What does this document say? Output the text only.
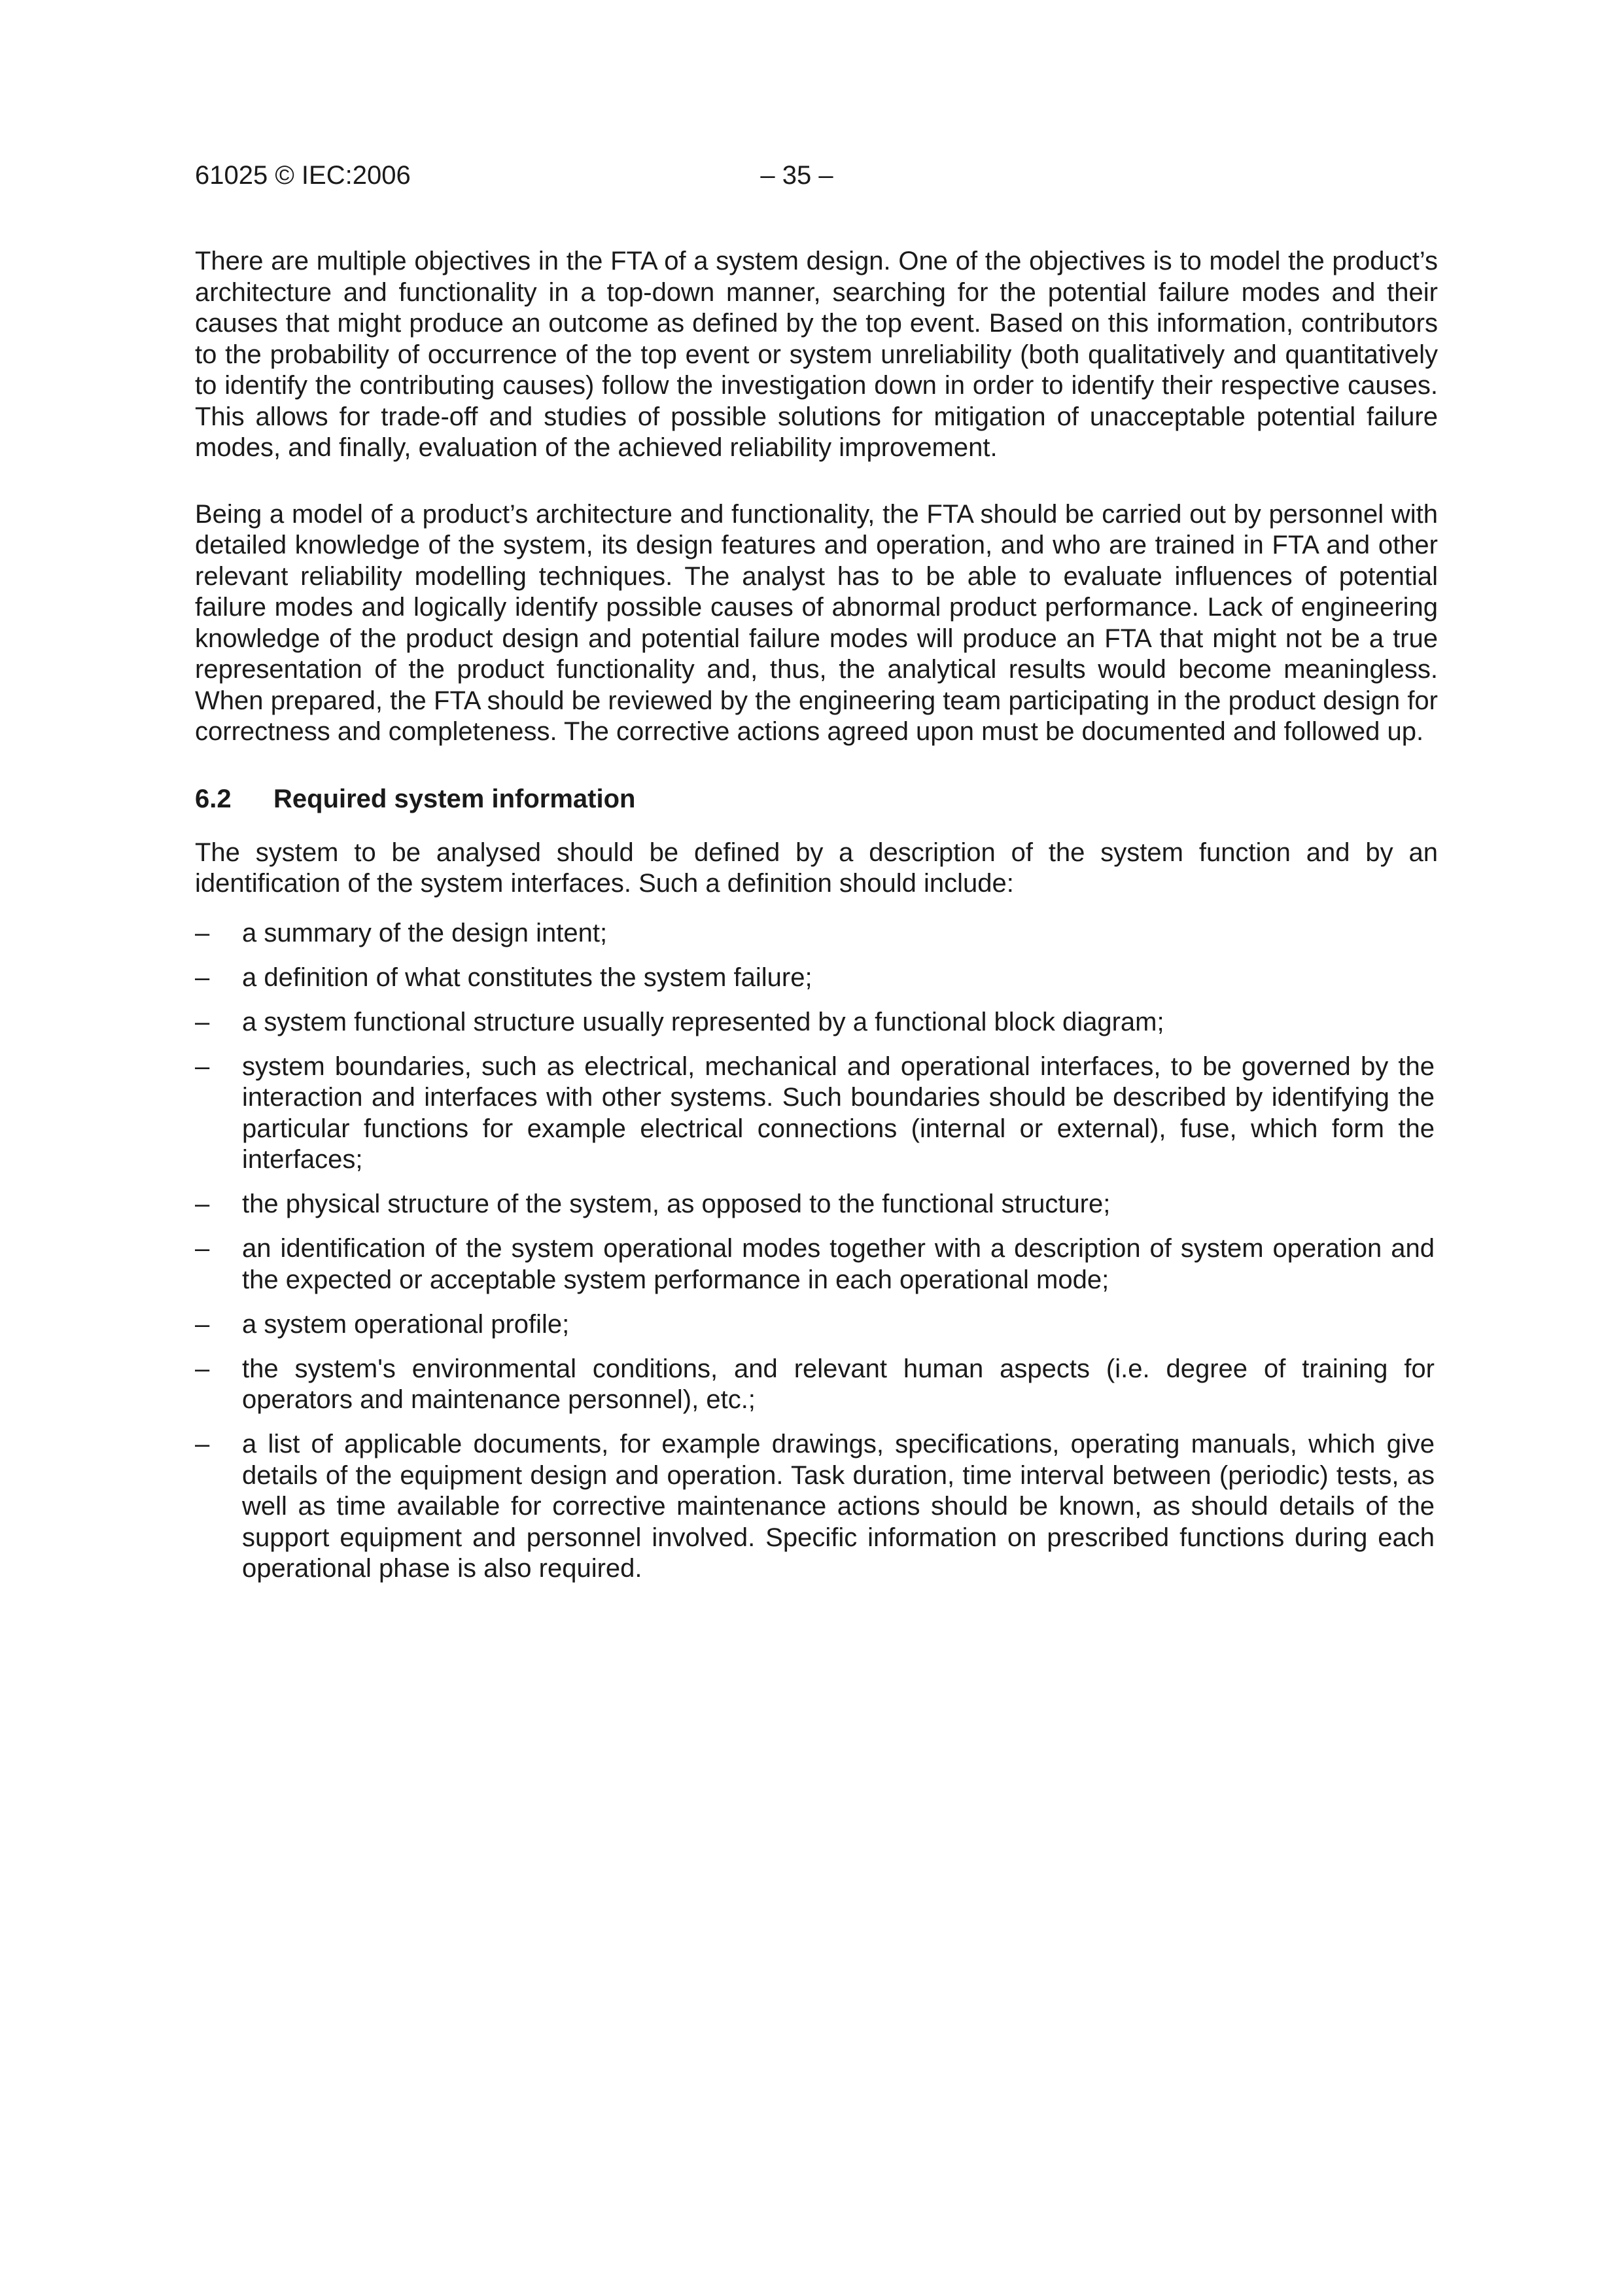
61025 © IEC:2006	– 35 –

There are multiple objectives in the FTA of a system design. One of the objectives is to model the product’s architecture and functionality in a top-down manner, searching for the potential failure modes and their causes that might produce an outcome as defined by the top event. Based on this information, contributors to the probability of occurrence of the top event or system unreliability (both qualitatively and quantitatively to identify the contributing causes) follow the investigation down in order to identify their respective causes. This allows for trade-off and studies of possible solutions for mitigation of unacceptable potential failure modes, and finally, evaluation of the achieved reliability improvement.

Being a model of a product’s architecture and functionality, the FTA should be carried out by personnel with detailed knowledge of the system, its design features and operation, and who are trained in FTA and other relevant reliability modelling techniques. The analyst has to be able to evaluate influences of potential failure modes and logically identify possible causes of abnormal product performance. Lack of engineering knowledge of the product design and potential failure modes will produce an FTA that might not be a true representation of the product functionality and, thus, the analytical results would become meaningless. When prepared, the FTA should be reviewed by the engineering team participating in the product design for correctness and completeness. The corrective actions agreed upon must be documented and followed up.

6.2	Required system information

The system to be analysed should be defined by a description of the system function and by an identification of the system interfaces. Such a definition should include:

– a summary of the design intent;
– a definition of what constitutes the system failure;
– a system functional structure usually represented by a functional block diagram;
– system boundaries, such as electrical, mechanical and operational interfaces, to be governed by the interaction and interfaces with other systems. Such boundaries should be described by identifying the particular functions for example electrical connections (internal or external), fuse, which form the interfaces;
– the physical structure of the system, as opposed to the functional structure;
– an identification of the system operational modes together with a description of system operation and the expected or acceptable system performance in each operational mode;
– a system operational profile;
– the system's environmental conditions, and relevant human aspects (i.e. degree of training for operators and maintenance personnel), etc.;
– a list of applicable documents, for example drawings, specifications, operating manuals, which give details of the equipment design and operation. Task duration, time interval between (periodic) tests, as well as time available for corrective maintenance actions should be known, as should details of the support equipment and personnel involved. Specific information on prescribed functions during each operational phase is also required.
